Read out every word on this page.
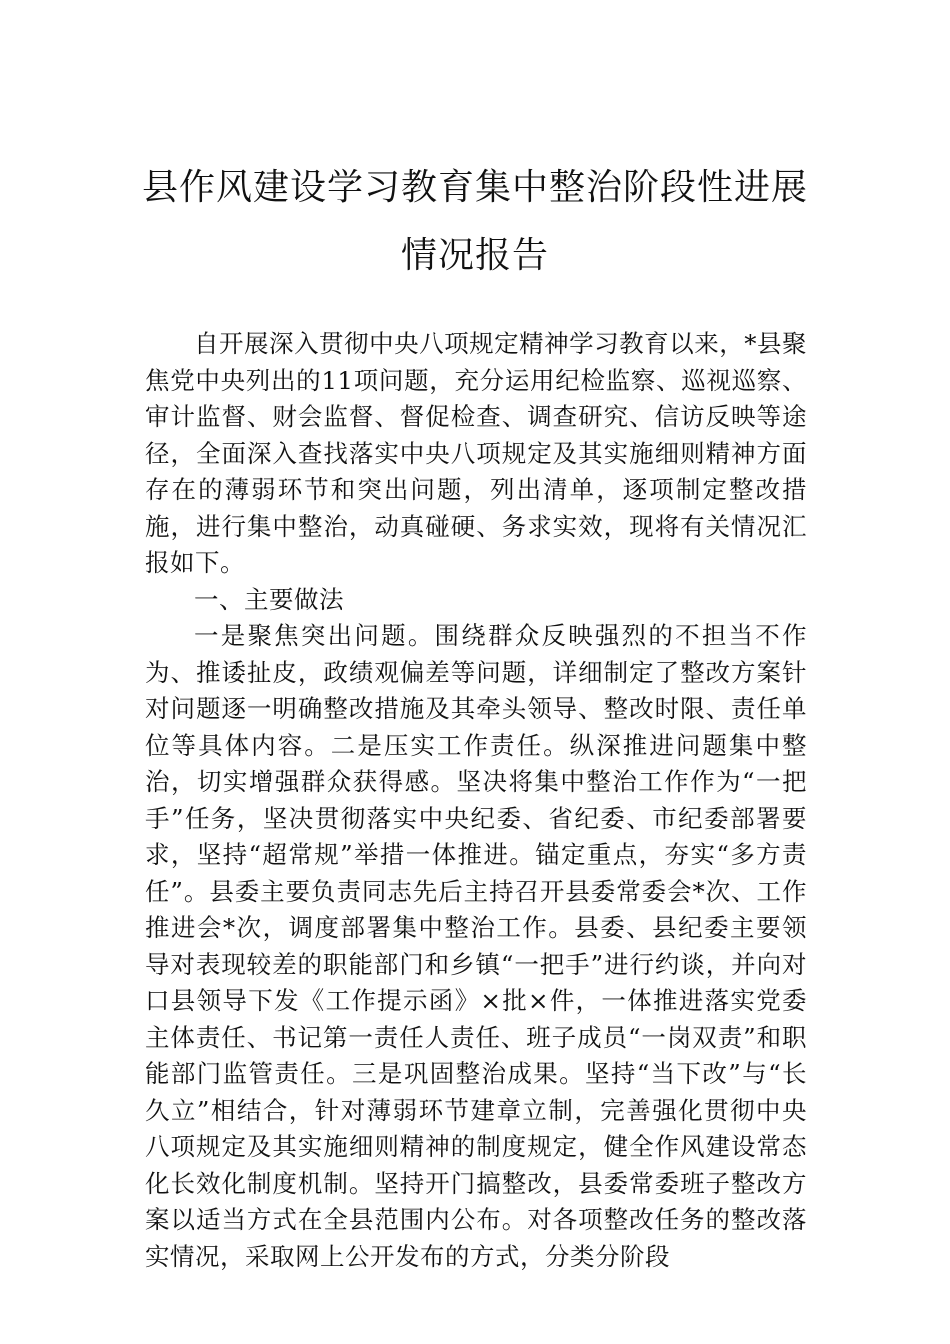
县作风建设学习教育集中整治阶段性进展
情况报告

自开展深入贯彻中央八项规定精神学习教育以来，*县聚焦党中央列出的11项问题，充分运用纪检监察、巡视巡察、审计监督、财会监督、督促检查、调查研究、信访反映等途径，全面深入查找落实中央八项规定及其实施细则精神方面存在的薄弱环节和突出问题，列出清单，逐项制定整改措施，进行集中整治，动真碰硬、务求实效，现将有关情况汇报如下。

一、主要做法

一是聚焦突出问题。围绕群众反映强烈的不担当不作为、推诿扯皮，政绩观偏差等问题，详细制定了整改方案针对问题逐一明确整改措施及其牵头领导、整改时限、责任单位等具体内容。二是压实工作责任。纵深推进问题集中整治，切实增强群众获得感。坚决将集中整治工作作为“一把手”任务，坚决贯彻落实中央纪委、省纪委、市纪委部署要求，坚持“超常规”举措一体推进。锚定重点，夯实“多方责任”。县委主要负责同志先后主持召开县委常委会*次、工作推进会*次，调度部署集中整治工作。县委、县纪委主要领导对表现较差的职能部门和乡镇“一把手”进行约谈，并向对口县领导下发《工作提示函》×批×件，一体推进落实党委主体责任、书记第一责任人责任、班子成员“一岗双责”和职能部门监管责任。三是巩固整治成果。坚持“当下改”与“长久立”相结合，针对薄弱环节建章立制，完善强化贯彻中央八项规定及其实施细则精神的制度规定，健全作风建设常态化长效化制度机制。坚持开门搞整改，县委常委班子整改方案以适当方式在全县范围内公布。对各项整改任务的整改落实情况，采取网上公开发布的方式，分类分阶段
